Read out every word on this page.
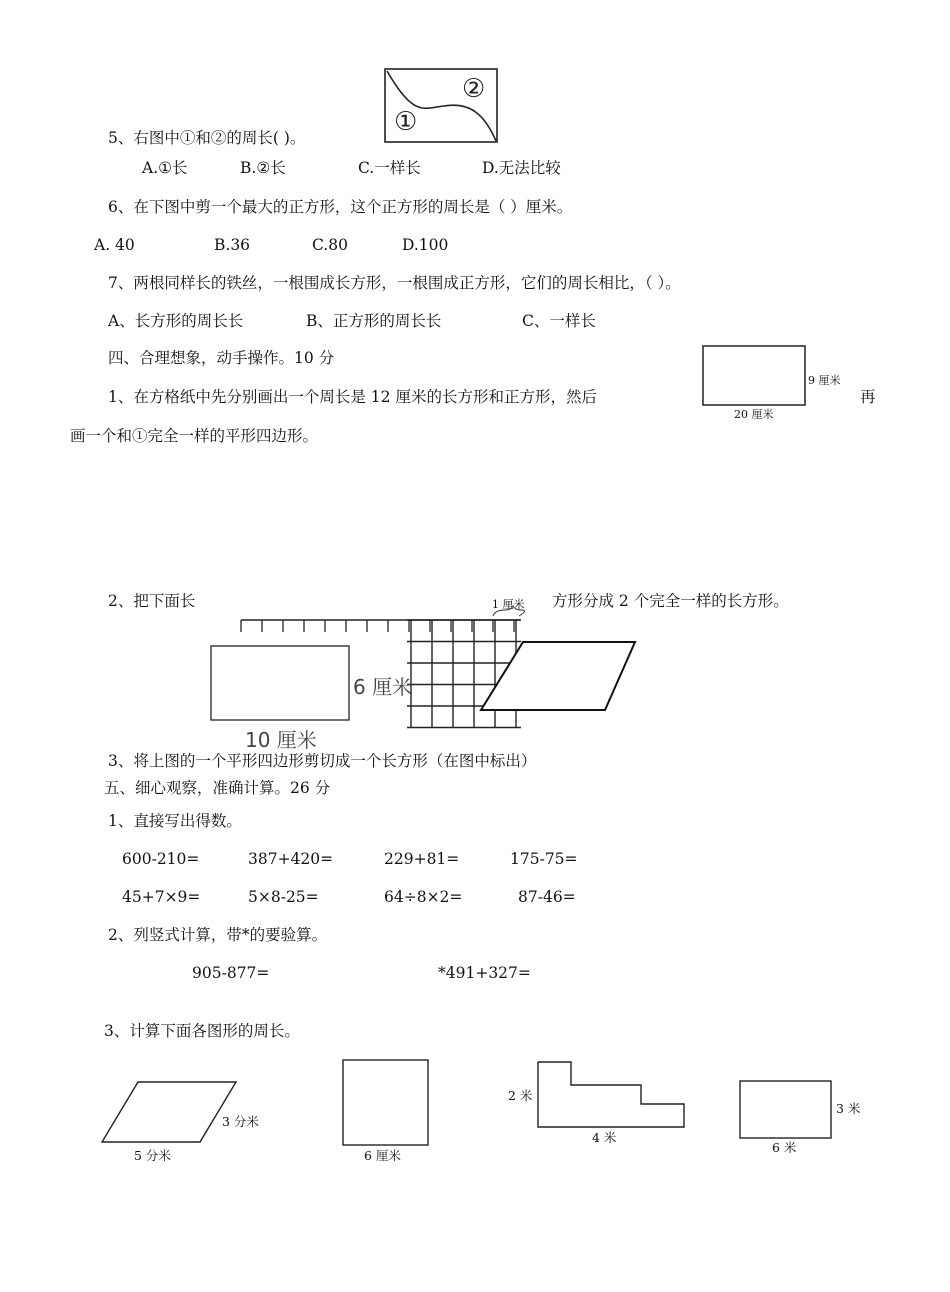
①
②
5、右图中①和②的周长( )。
A.①长	B.②长	C.一样长	D.无法比较
6、在下图中剪一个最大的正方形，这个正方形的周长是（ ）厘米。
A. 40	B.36	C.80	D.100
7、两根同样长的铁丝，一根围成长方形，一根围成正方形，它们的周长相比，（ ）。
A、长方形的周长长	B、正方形的周长长	C、一样长
四、合理想象，动手操作。10 分
9 厘米
20 厘米
1、在方格纸中先分别画出一个周长是 12 厘米的长方形和正方形，然后	再
画一个和①完全一样的平形四边形。
2、把下面长	方形分成 2 个完全一样的长方形。
1 厘米
6 厘米
10 厘米
3、将上图的一个平形四边形剪切成一个长方形（在图中标出）
五、细心观察，准确计算。26 分
1、直接写出得数。
600-210=	387+420=	229+81=	175-75=
45+7×9=	5×8-25=	64÷8×2=	87-46=
2、列竖式计算，带*的要验算。
905-877=	*491+327=
3、计算下面各图形的周长。
3 分米
5 分米	6 厘米
2 米
4 米
3 米
6 米
